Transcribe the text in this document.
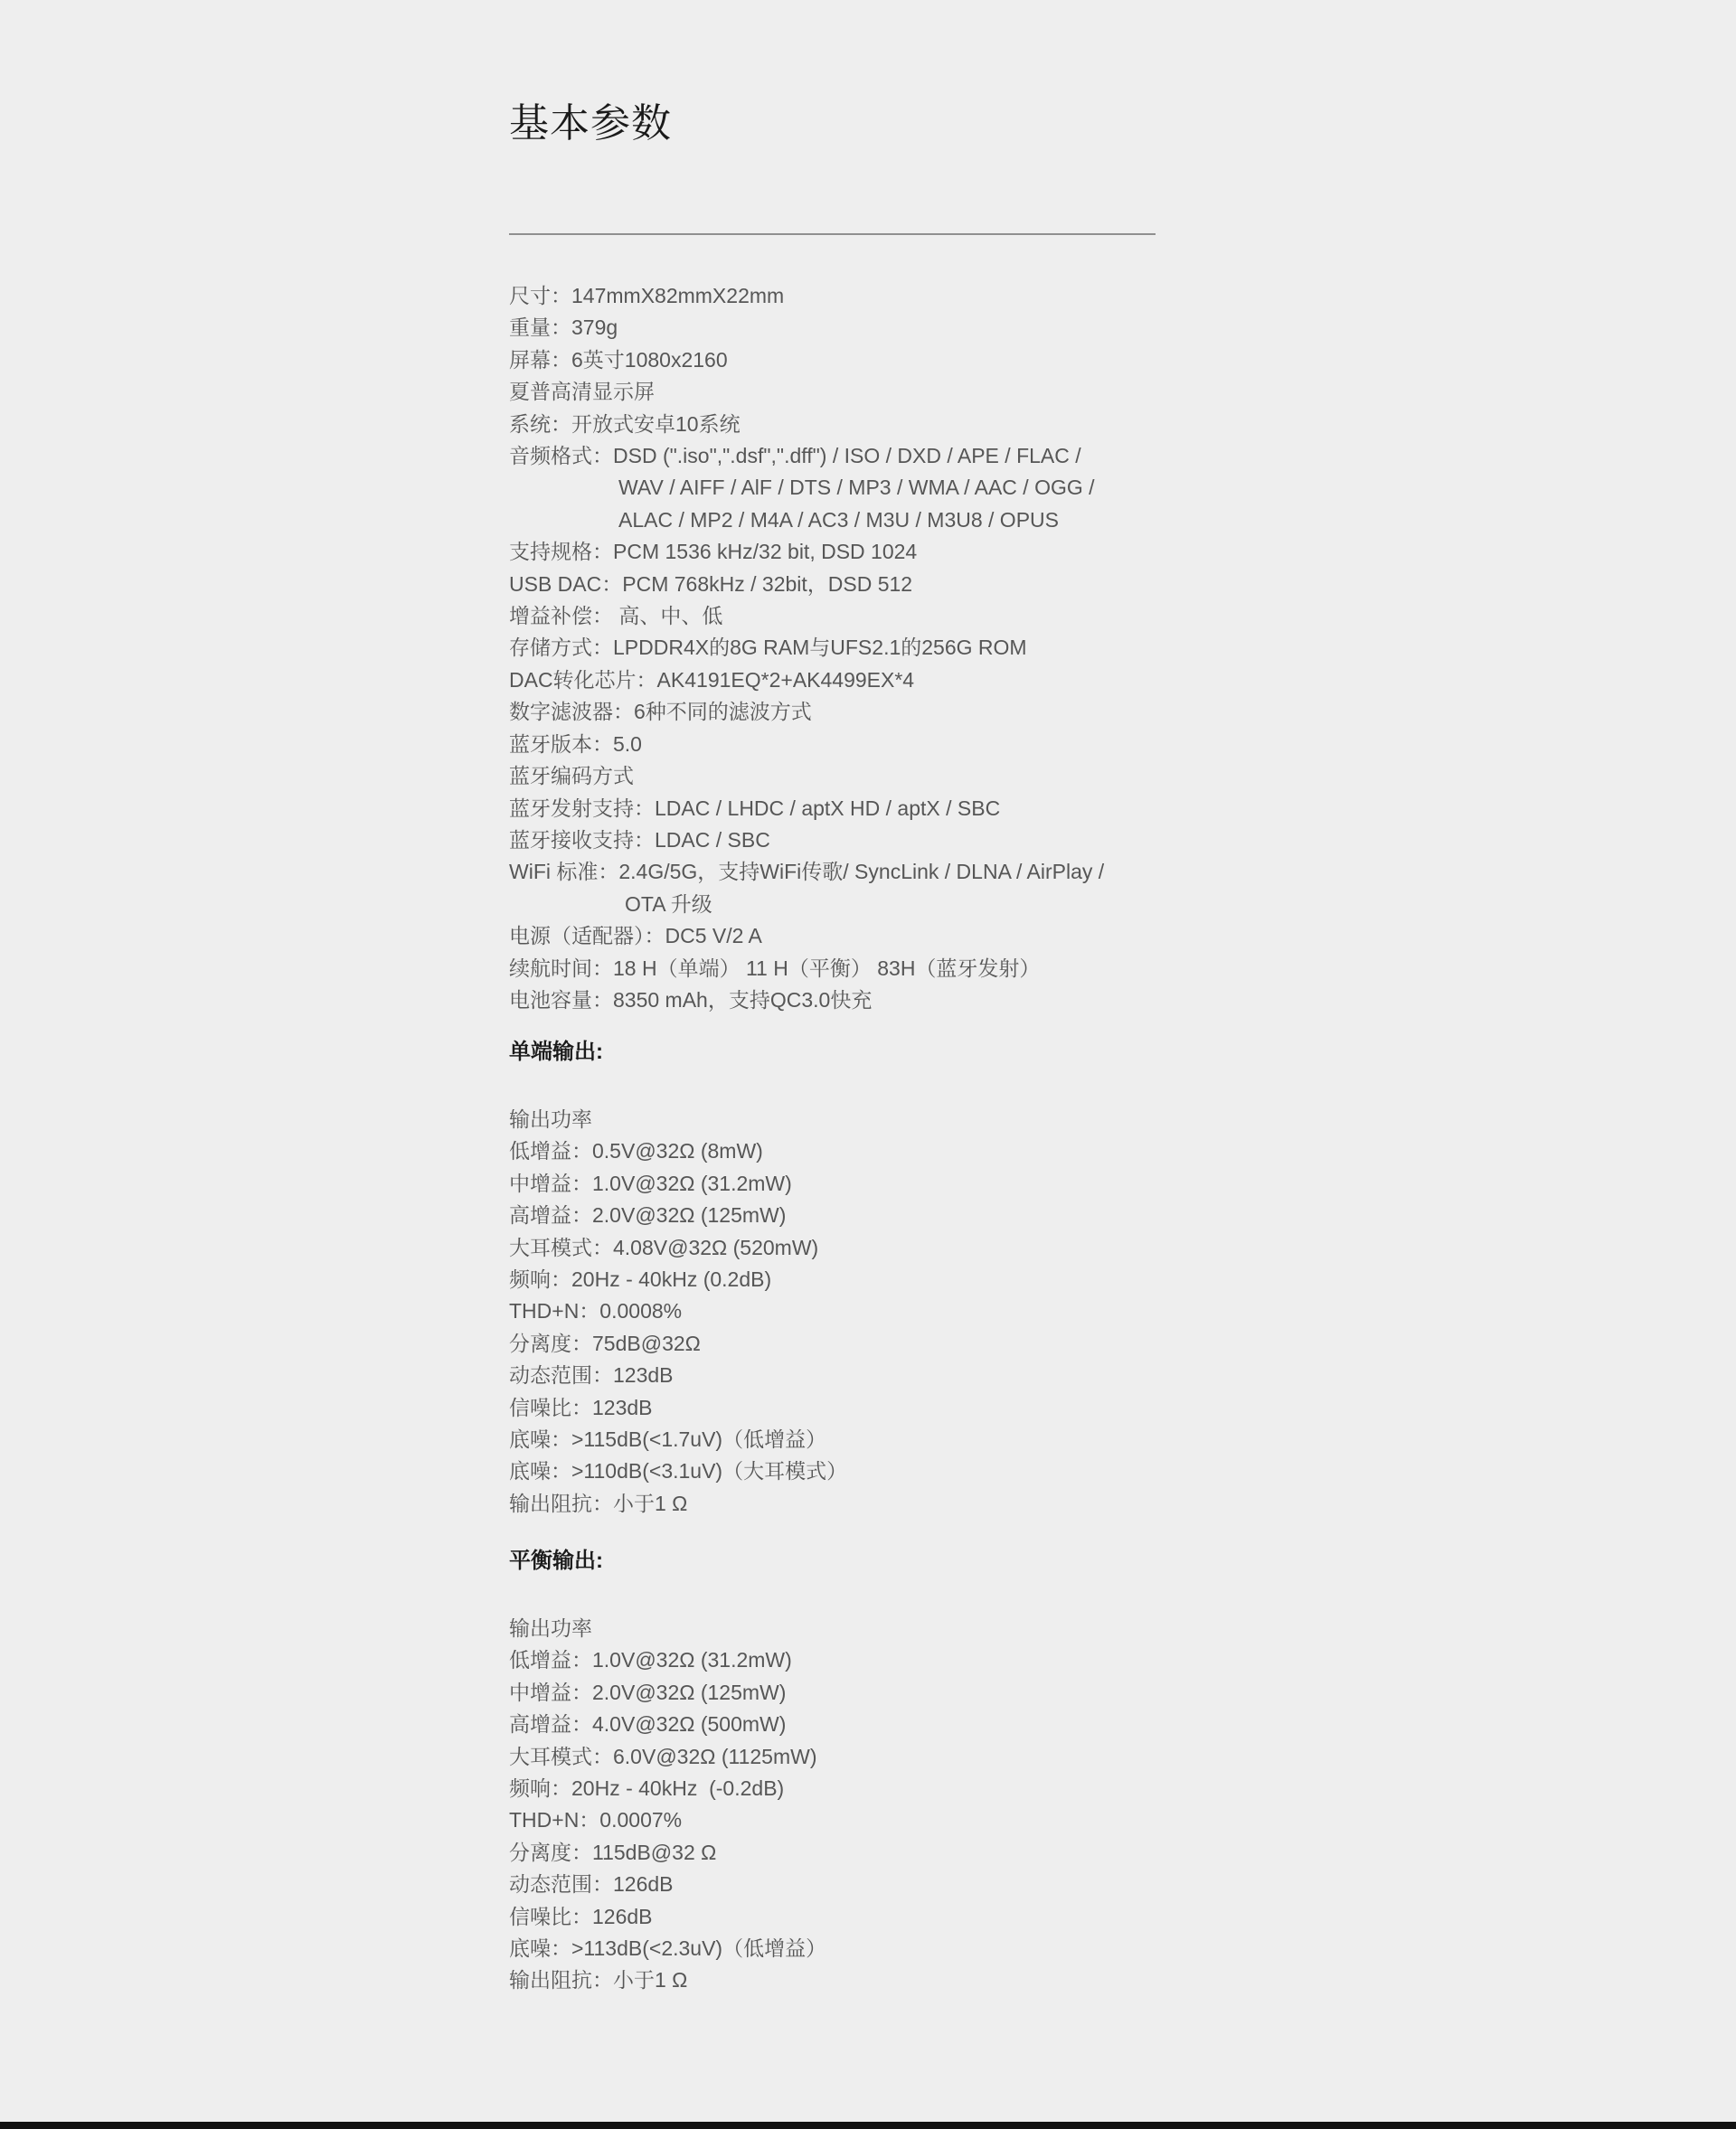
基本参数

尺寸：147mmX82mmX22mm

重量：379g

屏幕：6英寸1080x2160

夏普高清显示屏

系统：开放式安卓10系统

音频格式：DSD (".iso",".dsf",".dff") / ISO / DXD / APE / FLAC /

WAV / AIFF / AlF / DTS / MP3 / WMA / AAC / OGG /

ALAC / MP2 / M4A / AC3 / M3U / M3U8 / OPUS

支持规格：PCM 1536 kHz/32 bit, DSD 1024

USB DAC：PCM 768kHz / 32bit，DSD 512

增益补偿： 高、中、低

存储方式：LPDDR4X的8G RAM与UFS2.1的256G ROM

DAC转化芯片：AK4191EQ*2+AK4499EX*4

数字滤波器：6种不同的滤波方式

蓝牙版本：5.0

蓝牙编码方式

蓝牙发射支持：LDAC / LHDC / aptX HD / aptX / SBC

蓝牙接收支持：LDAC / SBC

WiFi 标准：2.4G/5G，支持WiFi传歌/ SyncLink / DLNA / AirPlay /

OTA 升级

电源（适配器）：DC5 V/2 A

续航时间：18 H（单端） 11 H（平衡） 83H（蓝牙发射）

电池容量：8350 mAh，支持QC3.0快充

单端输出:

输出功率

低增益：0.5V@32Ω (8mW)

中增益：1.0V@32Ω (31.2mW)

高增益：2.0V@32Ω (125mW)

大耳模式：4.08V@32Ω (520mW)

频响：20Hz - 40kHz (0.2dB)

THD+N：0.0008%

分离度：75dB@32Ω

动态范围：123dB

信噪比：123dB

底噪：>115dB(<1.7uV)（低增益）

底噪：>110dB(<3.1uV)（大耳模式）

输出阻抗：小于1 Ω

平衡输出:

输出功率

低增益：1.0V@32Ω (31.2mW)

中增益：2.0V@32Ω (125mW)

高增益：4.0V@32Ω (500mW)

大耳模式：6.0V@32Ω (1125mW)

频响：20Hz - 40kHz  (-0.2dB)

THD+N：0.0007%

分离度：115dB@32 Ω

动态范围：126dB

信噪比：126dB

底噪：>113dB(<2.3uV)（低增益）

输出阻抗：小于1 Ω
